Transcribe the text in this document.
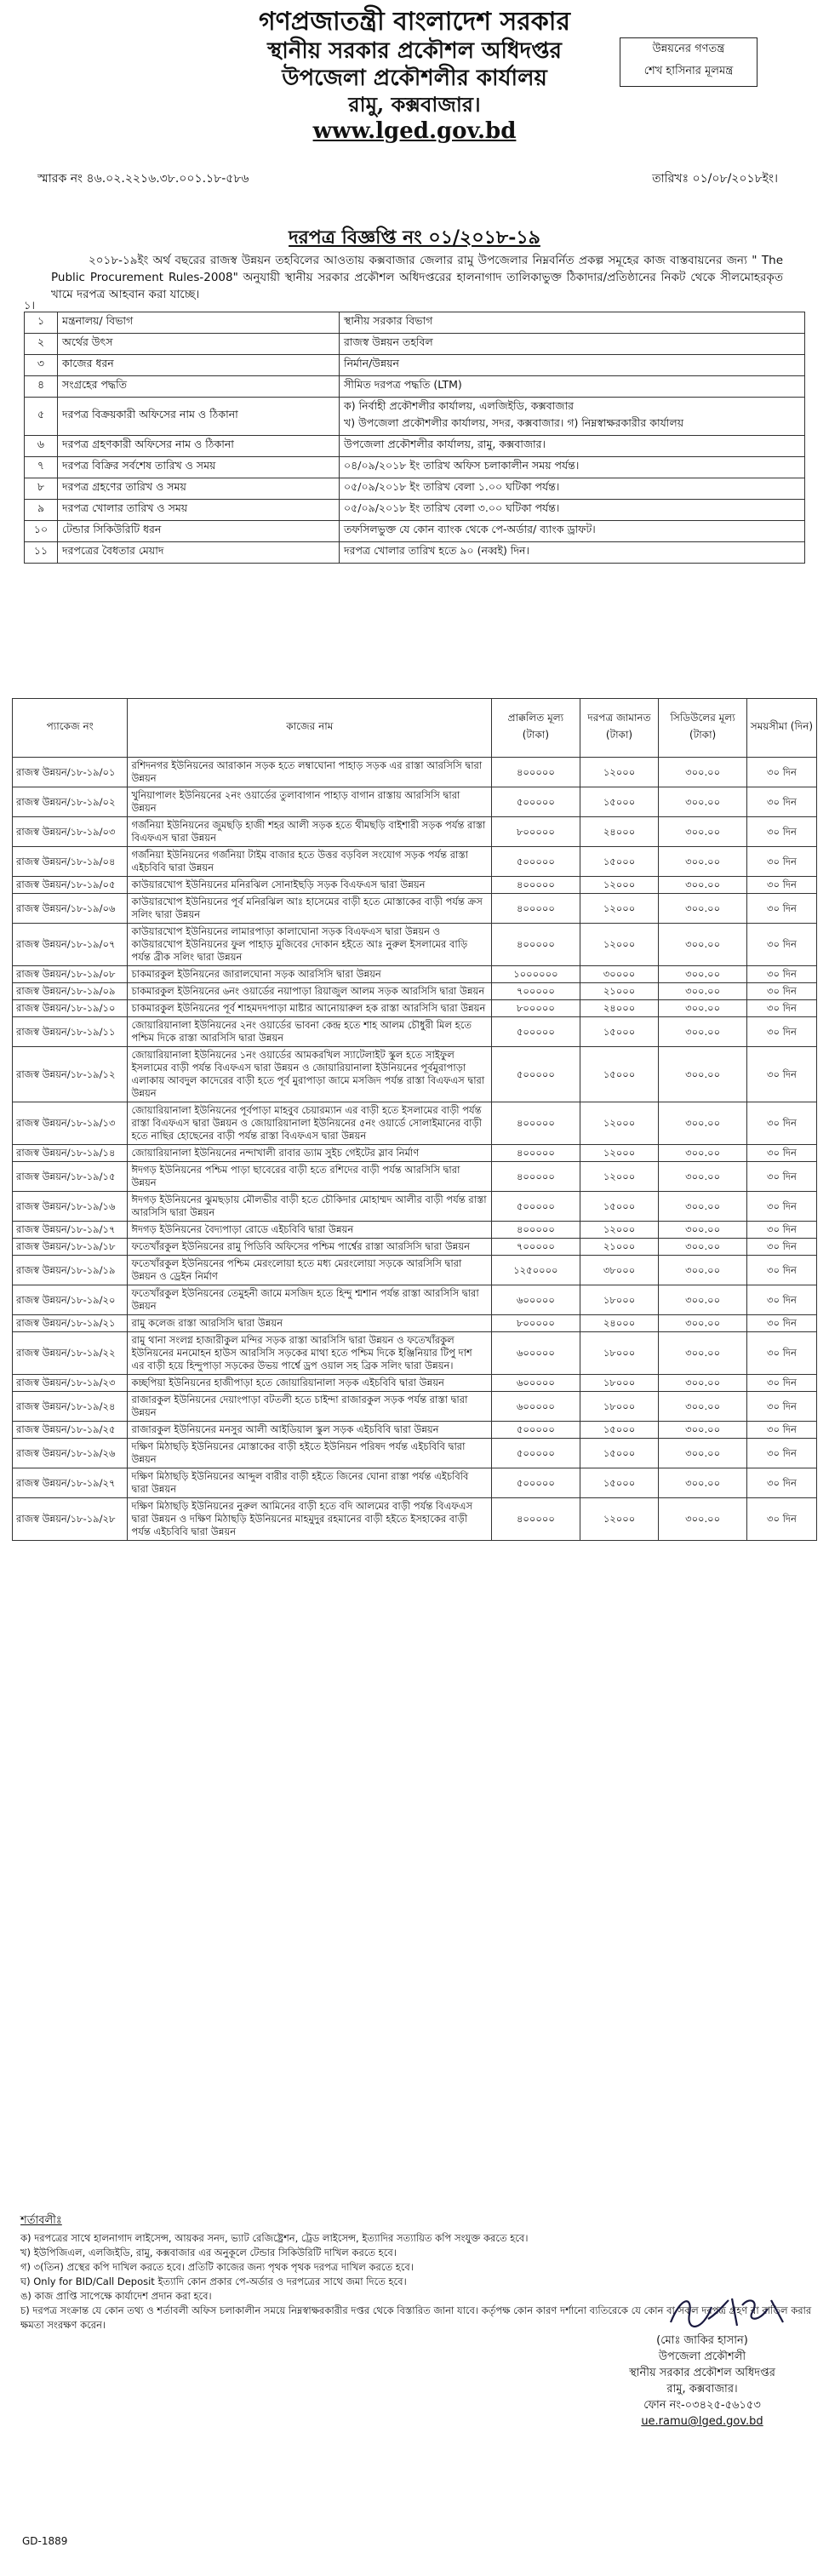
গণপ্রজাতন্ত্রী বাংলাদেশ সরকার
স্থানীয় সরকার প্রকৌশল অধিদপ্তর
উপজেলা প্রকৌশলীর কার্যালয়
রামু, কক্সবাজার।
www.lged.gov.bd
উন্নয়নের গণতন্ত্র
শেখ হাসিনার মূলমন্ত্র
স্মারক নং ৪৬.০২.২২১৬.৩৮.০০১.১৮-৫৮৬	তারিখঃ ০১/০৮/২০১৮ইং।
দরপত্র বিজ্ঞপ্তি নং ০১/২০১৮-১৯
২০১৮-১৯ইং অর্থ বছরের রাজস্ব উন্নয়ন তহবিলের আওতায় কক্সবাজার জেলার রামু উপজেলার নিম্নবর্নিত প্রকল্প সমূহের কাজ বাস্তবায়নের জন্য " The Public Procurement Rules-2008" অনুযায়ী স্থানীয় সরকার প্রকৌশল অধিদপ্তরের হালনাগাদ তালিকাভুক্ত ঠিকাদার/প্রতিষ্ঠানের নিকট থেকে সীলমোহরকৃত খামে দরপত্র আহবান করা যাচ্ছে।
১।
১	মন্ত্রনালয়/ বিভাগ	স্থানীয় সরকার বিভাগ

২	অর্থের উৎস	রাজস্ব উন্নয়ন তহবিল

৩	কাজের ধরন	নির্মান/উন্নয়ন

৪	সংগ্রহের পদ্ধতি	সীমিত দরপত্র পদ্ধতি (LTM)

৫	দরপত্র বিক্রয়কারী অফিসের নাম ও ঠিকানা	ক) নির্বাহী প্রকৌশলীর কার্যালয়, এলজিইডি, কক্সবাজার
খ) উপজেলা প্রকৌশলীর কার্যালয়, সদর, কক্সবাজার। গ) নিম্নস্বাক্ষরকারীর কার্যালয়

৬	দরপত্র গ্রহণকারী অফিসের নাম ও ঠিকানা	উপজেলা প্রকৌশলীর কার্যালয়, রামু, কক্সবাজার।

৭	দরপত্র বিক্রির সর্বশেষ তারিখ ও সময়	০৪/০৯/২০১৮ ইং তারিখ অফিস চলাকালীন সময় পর্যন্ত।

৮	দরপত্র গ্রহণের তারিখ ও সময়	০৫/০৯/২০১৮ ইং তারিখ বেলা ১.০০ ঘটিকা পর্যন্ত।

৯	দরপত্র খোলার তারিখ ও সময়	০৫/০৯/২০১৮ ইং তারিখ বেলা ৩.০০ ঘটিকা পর্যন্ত।

১০	টেন্ডার সিকিউরিটি ধরন	তফসিলভুক্ত যে কোন ব্যাংক থেকে পে-অর্ডার/ ব্যাংক ড্রাফট।

১১	দরপত্রের বৈধতার মেয়াদ	দরপত্র খোলার তারিখ হতে ৯০ (নব্বই) দিন।
প্যাকেজ নং	কাজের নাম	প্রাক্কলিত মূল্য (টাকা)	দরপত্র জামানত (টাকা)	সিডিউলের মূল্য (টাকা)	সময়সীমা (দিন)
রাজস্ব উন্নয়ন/১৮-১৯/০১	রশিদনগর ইউনিয়নের আরাকান সড়ক হতে লম্বাঘোনা পাহাড় সড়ক এর রাস্তা আরসিসি দ্বারা উন্নয়ন	৪০০০০০	১২০০০	৩০০.০০	৩০ দিন
রাজস্ব উন্নয়ন/১৮-১৯/০২	খুনিয়াপালং ইউনিয়নের ২নং ওয়ার্ডের তুলাবাগান পাহাড় বাগান রাস্তায় আরসিসি দ্বারা উন্নয়ন	৫০০০০০	১৫০০০	৩০০.০০	৩০ দিন
রাজস্ব উন্নয়ন/১৮-১৯/০৩	গর্জনিয়া ইউনিয়নের জুমছড়ি হাজী শহর আলী সড়ক হতে থীমছড়ি বাইশারী সড়ক পর্যন্ত রাস্তা বিএফএস দ্বারা উন্নয়ন	৮০০০০০	২৪০০০	৩০০.০০	৩০ দিন
রাজস্ব উন্নয়ন/১৮-১৯/০৪	গর্জনিয়া ইউনিয়নের গর্জনিয়া টাইম বাজার হতে উত্তর বড়বিল সংযোগ সড়ক পর্যন্ত রাস্তা এইচবিবি দ্বারা উন্নয়ন	৫০০০০০	১৫০০০	৩০০.০০	৩০ দিন
রাজস্ব উন্নয়ন/১৮-১৯/০৫	কাউয়ারখোপ ইউনিয়নের মনিরঝিল সোনাইছড়ি সড়ক বিএফএস দ্বারা উন্নয়ন	৪০০০০০	১২০০০	৩০০.০০	৩০ দিন
রাজস্ব উন্নয়ন/১৮-১৯/০৬	কাউয়ারখোপ ইউনিয়নের পূর্ব মনিরঝিল আঃ হাসেমের বাড়ী হতে মোস্তাকের বাড়ী পর্যন্ত ক্রস সলিং দ্বারা উন্নয়ন	৪০০০০০	১২০০০	৩০০.০০	৩০ দিন
রাজস্ব উন্নয়ন/১৮-১৯/০৭	কাউয়ারখোপ ইউনিয়নের লামারপাড়া কালাঘোনা সড়ক বিএফএস দ্বারা উন্নয়ন ও কাউয়ারখোপ ইউনিয়নের ফুল পাহাড় মুজিবের দোকান হইতে আঃ নুরুল ইসলামের বাড়ি পর্যন্ত ব্রীক সলিং দ্বারা উন্নয়ন	৪০০০০০	১২০০০	৩০০.০০	৩০ দিন
রাজস্ব উন্নয়ন/১৮-১৯/০৮	চাকমারকুল ইউনিয়নের জারালঘোনা সড়ক আরসিসি দ্বারা উন্নয়ন	১০০০০০০	৩০০০০	৩০০.০০	৩০ দিন
রাজস্ব উন্নয়ন/১৮-১৯/০৯	চাকমারকুল ইউনিয়নের ৬নং ওয়ার্ডের নয়াপাড়া রিয়াজুল আলম সড়ক আরসিসি দ্বারা উন্নয়ন	৭০০০০০	২১০০০	৩০০.০০	৩০ দিন
রাজস্ব উন্নয়ন/১৮-১৯/১০	চাকমারকুল ইউনিয়নের পূর্ব শাহমদদপাড়া মাষ্টার আনোয়ারুল হক রাস্তা আরসিসি দ্বারা উন্নয়ন	৮০০০০০	২৪০০০	৩০০.০০	৩০ দিন
রাজস্ব উন্নয়ন/১৮-১৯/১১	জোয়ারিয়ানালা ইউনিয়নের ২নং ওয়ার্ডের ভাবনা কেন্দ্র হতে শাহ আলম চৌধুরী মিল হতে পশ্চিম দিকে রাস্তা আরসিসি দ্বারা উন্নয়ন	৫০০০০০	১৫০০০	৩০০.০০	৩০ দিন
রাজস্ব উন্নয়ন/১৮-১৯/১২	জোয়ারিয়ানালা ইউনিয়নের ১নং ওয়ার্ডের আমকরখিল স্যাটেলাইট স্কুল হতে সাইফুল ইসলামের বাড়ী পর্যন্ত বিএফএস দ্বারা উন্নয়ন ও জোয়ারিয়ানালা ইউনিয়নের পূর্বমুরাপাড়া এলাকায় আবদুল কাদেরের বাড়ী হতে পূর্ব মুরাপাড়া জামে মসজিদ পর্যন্ত রাস্তা বিএফএস দ্বারা উন্নয়ন	৫০০০০০	১৫০০০	৩০০.০০	৩০ দিন
রাজস্ব উন্নয়ন/১৮-১৯/১৩	জোয়ারিয়ানালা ইউনিয়নের পূর্বপাড়া মাহবুব চেয়ারম্যান এর বাড়ী হতে ইসলামের বাড়ী পর্যন্ত রাস্তা বিএফএস দ্বারা উন্নয়ন ও জোয়ারিয়ানালা ইউনিয়নের ৫নং ওয়ার্ডে সোলাইমানের বাড়ী হতে নাছির হোছেনের বাড়ী পর্যন্ত রাস্তা বিএফএস দ্বারা উন্নয়ন	৪০০০০০	১২০০০	৩০০.০০	৩০ দিন
রাজস্ব উন্নয়ন/১৮-১৯/১৪	জোয়ারিয়ানালা ইউনিয়নের নন্দাখালী রাবার ড্যাম সুইচ গেইটের স্লাব নির্মাণ	৪০০০০০	১২০০০	৩০০.০০	৩০ দিন
রাজস্ব উন্নয়ন/১৮-১৯/১৫	ঈদগড় ইউনিয়নের পশ্চিম পাড়া ছাবেরের বাড়ী হতে রশিদের বাড়ী পর্যন্ত আরসিসি দ্বারা উন্নয়ন	৪০০০০০	১২০০০	৩০০.০০	৩০ দিন
রাজস্ব উন্নয়ন/১৮-১৯/১৬	ঈদগড় ইউনিয়নের ঝুমছড়ায় মৌলভীর বাড়ী হতে চৌকিদার মোহাম্মদ আলীর বাড়ী পর্যন্ত রাস্তা আরসিসি দ্বারা উন্নয়ন	৫০০০০০	১৫০০০	৩০০.০০	৩০ দিন
রাজস্ব উন্নয়ন/১৮-১৯/১৭	ঈদগড় ইউনিয়নের বৈদ্যপাড়া রোডে এইচবিবি দ্বারা উন্নয়ন	৪০০০০০	১২০০০	৩০০.০০	৩০ দিন
রাজস্ব উন্নয়ন/১৮-১৯/১৮	ফতেখাঁরকুল ইউনিয়নের রামু পিডিবি অফিসের পশ্চিম পার্শ্বের রাস্তা আরসিসি দ্বারা উন্নয়ন	৭০০০০০	২১০০০	৩০০.০০	৩০ দিন
রাজস্ব উন্নয়ন/১৮-১৯/১৯	ফতেখাঁরকুল ইউনিয়নের পশ্চিম মেরংলোয়া হতে মধ্য মেরংলোয়া সড়কে আরসিসি দ্বারা উন্নয়ন ও ড্রেইন নির্মাণ	১২৫০০০০	৩৮০০০	৩০০.০০	৩০ দিন
রাজস্ব উন্নয়ন/১৮-১৯/২০	ফতেখাঁরকুল ইউনিয়নের তেমুহনী জামে মসজিদ হতে হিন্দু শ্মশান পর্যন্ত রাস্তা আরসিসি দ্বারা উন্নয়ন	৬০০০০০	১৮০০০	৩০০.০০	৩০ দিন
রাজস্ব উন্নয়ন/১৮-১৯/২১	রামু কলেজ রাস্তা আরসিসি দ্বারা উন্নয়ন	৮০০০০০	২৪০০০	৩০০.০০	৩০ দিন
রাজস্ব উন্নয়ন/১৮-১৯/২২	রামু থানা সংলগ্ন হাজারীকুল মন্দির সড়ক রাস্তা আরসিসি দ্বারা উন্নয়ন ও ফতেখাঁরকুল ইউনিয়নের মনমোহন হাউস আরসিসি সড়কের মাথা হতে পশ্চিম দিকে ইঞ্জিনিয়ার টিপু দাশ এর বাড়ী হয়ে হিন্দুপাড়া সড়কের উভয় পার্শ্বে ড্রপ ওয়াল সহ ব্রিক সলিং দ্বারা উন্নয়ন।	৬০০০০০	১৮০০০	৩০০.০০	৩০ দিন
রাজস্ব উন্নয়ন/১৮-১৯/২৩	কচ্ছপিয়া ইউনিয়নের হাজীপাড়া হতে জোয়ারিয়ানালা সড়ক এইচবিবি দ্বারা উন্নয়ন	৬০০০০০	১৮০০০	৩০০.০০	৩০ দিন
রাজস্ব উন্নয়ন/১৮-১৯/২৪	রাজারকুল ইউনিয়নের দেয়াংপাড়া বটতলী হতে চাইন্দা রাজারকুল সড়ক পর্যন্ত রাস্তা দ্বারা উন্নয়ন	৬০০০০০	১৮০০০	৩০০.০০	৩০ দিন
রাজস্ব উন্নয়ন/১৮-১৯/২৫	রাজারকুল ইউনিয়নের মনসুর আলী আইডিয়াল স্কুল সড়ক এইচবিবি দ্বারা উন্নয়ন	৫০০০০০	১৫০০০	৩০০.০০	৩০ দিন
রাজস্ব উন্নয়ন/১৮-১৯/২৬	দক্ষিণ মিঠাছড়ি ইউনিয়নের মোস্তাকের বাড়ী হইতে ইউনিয়ন পরিষদ পর্যন্ত এইচবিবি দ্বারা উন্নয়ন	৫০০০০০	১৫০০০	৩০০.০০	৩০ দিন
রাজস্ব উন্নয়ন/১৮-১৯/২৭	দক্ষিণ মিঠাছড়ি ইউনিয়নের আব্দুল বারীর বাড়ী হইতে জিনের ঘোনা রাস্তা পর্যন্ত এইচবিবি দ্বারা উন্নয়ন	৫০০০০০	১৫০০০	৩০০.০০	৩০ দিন
রাজস্ব উন্নয়ন/১৮-১৯/২৮	দক্ষিণ মিঠাছড়ি ইউনিয়নের নুরুল আমিনের বাড়ী হতে বদি আলমের বাড়ী পর্যন্ত বিএফএস দ্বারা উন্নয়ন ও দক্ষিণ মিঠাছড়ি ইউনিয়নের মাহমুদুর রহমানের বাড়ী হইতে ইসহাকের বাড়ী পর্যন্ত এইচবিবি দ্বারা উন্নয়ন	৪০০০০০	১২০০০	৩০০.০০	৩০ দিন
শর্তাবলীঃ
ক) দরপত্রের সাথে হালনাগাদ লাইসেন্স, আয়কর সনদ, ভ্যাট রেজিষ্ট্রেশন, ট্রেড লাইসেন্স, ইত্যাদির সত্যায়িত কপি সংযুক্ত করতে হবে।
খ) ইউপিজিএল, এলজিইডি, রামু, কক্সবাজার এর অনুকূলে টেন্ডার সিকিউরিটি দাখিল করতে হবে।
গ) ৩(তিন) প্রস্থের কপি দাখিল করতে হবে। প্রতিটি কাজের জন্য পৃথক পৃথক দরপত্র দাখিল করতে হবে।
ঘ) Only for BID/Call Deposit ইত্যাদি কোন প্রকার পে-অর্ডার ও দরপত্রের সাথে জমা দিতে হবে।
ঙ) কাজ প্রাপ্তি সাপেক্ষে কার্যাদেশ প্রদান করা হবে।
চ) দরপত্র সংক্রান্ত যে কোন তথ্য ও শর্তাবলী অফিস চলাকালীন সময়ে নিম্নস্বাক্ষরকারীর দপ্তর থেকে বিস্তারিত জানা যাবে। কর্তৃপক্ষ কোন কারণ দর্শানো ব্যতিরেকে যে কোন বা সকল দরপত্র গ্রহণ বা বাতিল করার ক্ষমতা সংরক্ষণ করেন।
(মোঃ জাকির হাসান)
উপজেলা প্রকৌশলী
স্থানীয় সরকার প্রকৌশল অধিদপ্তর
রামু, কক্সবাজার।
ফোন নং-০৩৪২৫-৫৬১৫৩
ue.ramu@lged.gov.bd
GD-1889
